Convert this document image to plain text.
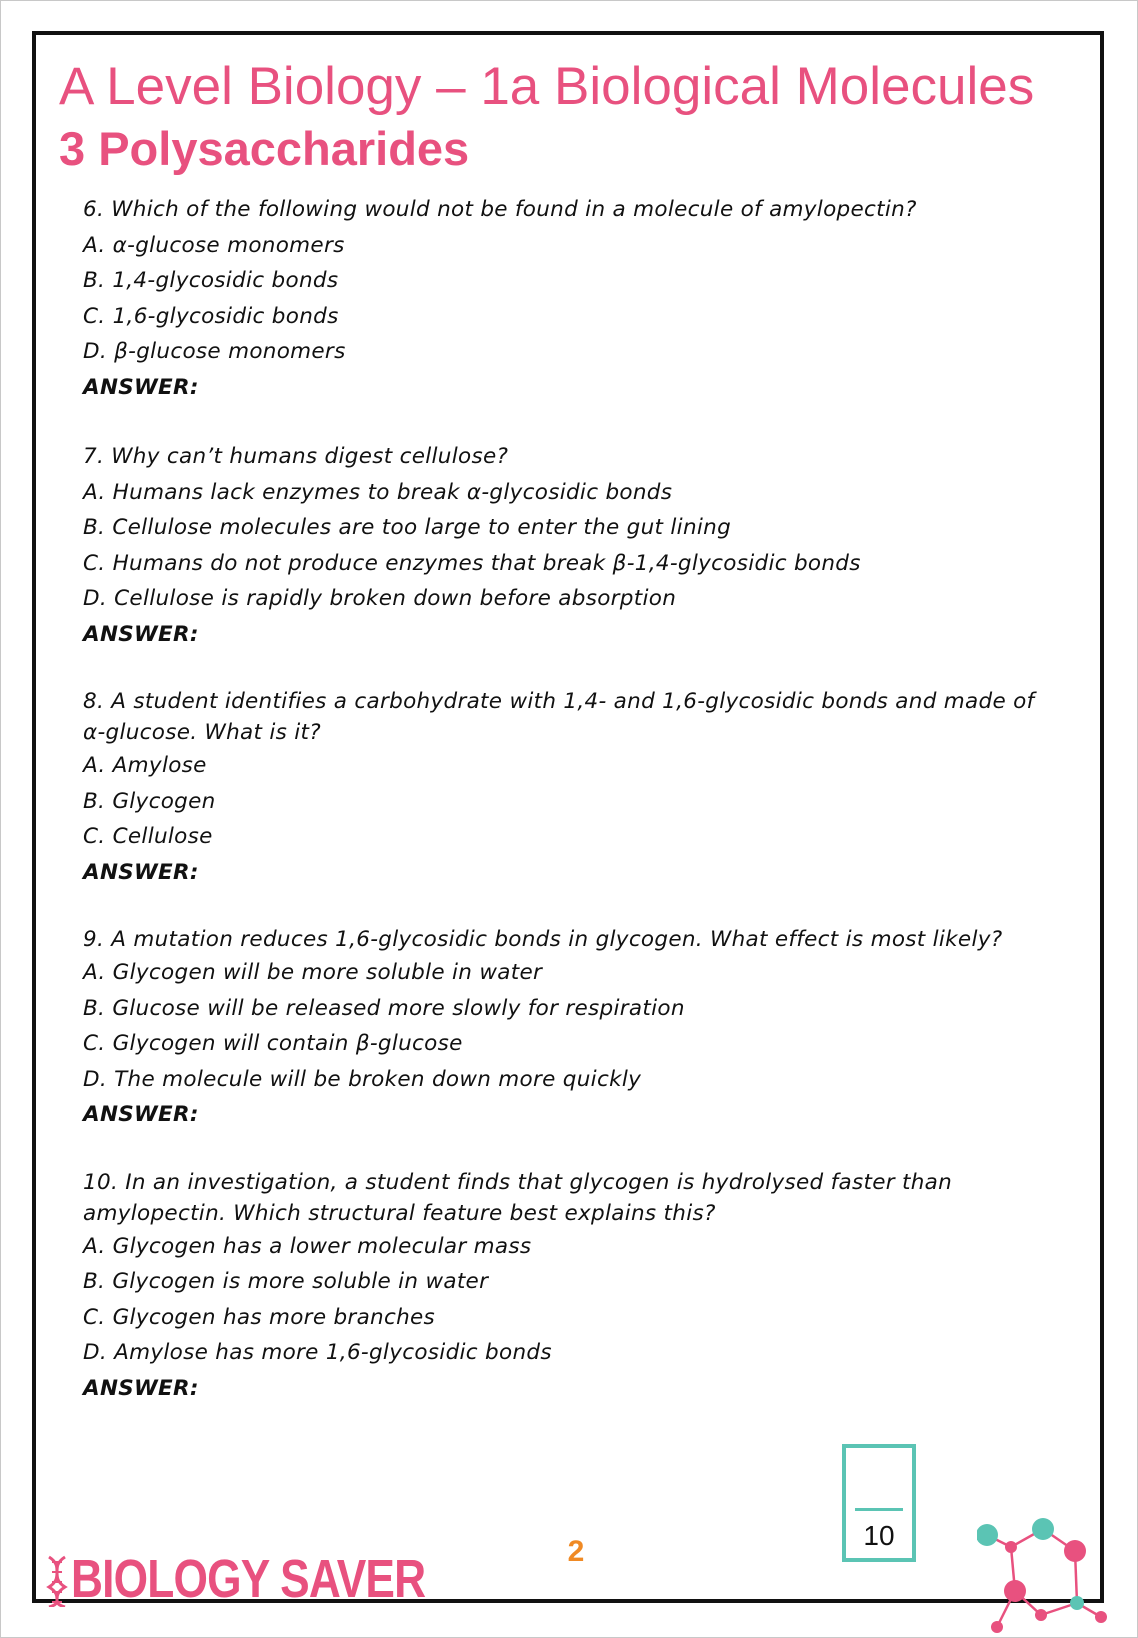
A Level Biology – 1a Biological Molecules
3 Polysaccharides

6. Which of the following would not be found in a molecule of amylopectin?

A. α-glucose monomers

B. 1,4-glycosidic bonds

C. 1,6-glycosidic bonds

D. β-glucose monomers

ANSWER:

7. Why can’t humans digest cellulose?

A. Humans lack enzymes to break α-glycosidic bonds

B. Cellulose molecules are too large to enter the gut lining

C. Humans do not produce enzymes that break β-1,4-glycosidic bonds

D. Cellulose is rapidly broken down before absorption

ANSWER:

8. A student identifies a carbohydrate with 1,4- and 1,6-glycosidic bonds and made of α-glucose. What is it?

A. Amylose

B. Glycogen

C. Cellulose

ANSWER:

9. A mutation reduces 1,6-glycosidic bonds in glycogen. What effect is most likely?

A. Glycogen will be more soluble in water

B. Glucose will be released more slowly for respiration

C. Glycogen will contain β-glucose

D. The molecule will be broken down more quickly

ANSWER:

10. In an investigation, a student finds that glycogen is hydrolysed faster than amylopectin. Which structural feature best explains this?

A. Glycogen has a lower molecular mass

B. Glycogen is more soluble in water

C. Glycogen has more branches

D. Amylose has more 1,6-glycosidic bonds

ANSWER:

10
2
BIOLOGY SAVER
